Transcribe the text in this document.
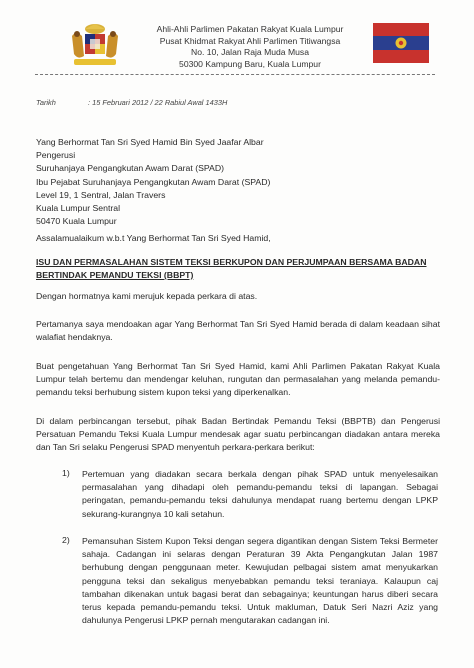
Ahli-Ahli Parlimen Pakatan Rakyat Kuala Lumpur
Pusat Khidmat Rakyat Ahli Parlimen Titiwangsa
No. 10, Jalan Raja Muda Musa
50300 Kampung Baru, Kuala Lumpur
Tarikh	: 15 Februari 2012 / 22 Rabiul Awal 1433H
Yang Berhormat Tan Sri Syed Hamid Bin Syed Jaafar Albar
Pengerusi
Suruhanjaya Pengangkutan Awam Darat (SPAD)
Ibu Pejabat Suruhanjaya Pengangkutan Awam Darat (SPAD)
Level 19, 1 Sentral, Jalan Travers
Kuala Lumpur Sentral
50470 Kuala Lumpur
Assalamualaikum w.b.t Yang Berhormat Tan Sri Syed Hamid,
ISU DAN PERMASALAHAN SISTEM TEKSI BERKUPON DAN PERJUMPAAN BERSAMA BADAN BERTINDAK PEMANDU TEKSI (BBPT)
Dengan hormatnya kami merujuk kepada perkara di atas.
Pertamanya saya mendoakan agar Yang Berhormat Tan Sri Syed Hamid berada di dalam keadaan sihat walafiat hendaknya.
Buat pengetahuan Yang Berhormat Tan Sri Syed Hamid, kami Ahli Parlimen Pakatan Rakyat Kuala Lumpur telah bertemu dan mendengar keluhan, rungutan dan permasalahan yang melanda pemandu-pemandu teksi berhubung sistem kupon teksi yang diperkenalkan.
Di dalam perbincangan tersebut, pihak Badan Bertindak Pemandu Teksi (BBPTB) dan Pengerusi Persatuan Pemandu Teksi Kuala Lumpur mendesak agar suatu perbincangan diadakan antara mereka dan Tan Sri selaku Pengerusi SPAD menyentuh perkara-perkara berikut:
1) Pertemuan yang diadakan secara berkala dengan pihak SPAD untuk menyelesaikan permasalahan yang dihadapi oleh pemandu-pemandu teksi di lapangan. Sebagai peringatan, pemandu-pemandu teksi dahulunya mendapat ruang bertemu dengan LPKP sekurang-kurangnya 10 kali setahun.
2) Pemansuhan Sistem Kupon Teksi dengan segera digantikan dengan Sistem Teksi Bermeter sahaja. Cadangan ini selaras dengan Peraturan 39 Akta Pengangkutan Jalan 1987 berhubung dengan penggunaan meter. Kewujudan pelbagai sistem amat menyukarkan pengguna teksi dan sekaligus menyebabkan pemandu teksi teraniaya. Kalaupun caj tambahan dikenakan untuk bagasi berat dan sebagainya; keuntungan harus diberi secara terus kepada pemandu-pemandu teksi. Untuk makluman, Datuk Seri Nazri Aziz yang dahulunya Pengerusi LPKP pernah mengutarakan cadangan ini.
